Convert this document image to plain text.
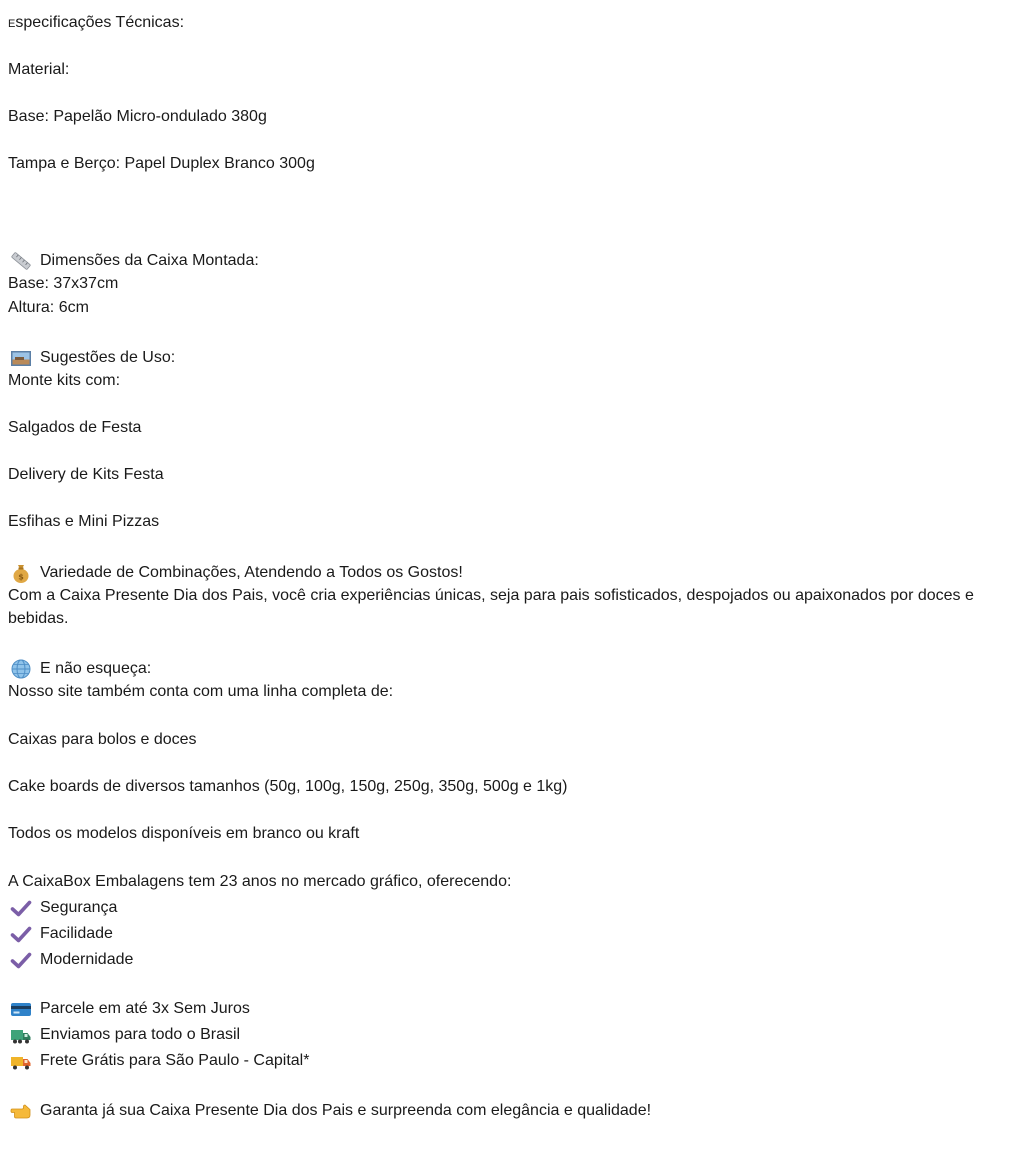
Especificações Técnicas:
Material:
Base: Papelão Micro-ondulado 380g
Tampa e Berço: Papel Duplex Branco 300g
Dimensões da Caixa Montada:
Base: 37x37cm
Altura: 6cm
Sugestões de Uso:
Monte kits com:
Salgados de Festa
Delivery de Kits Festa
Esfihas e Mini Pizzas
$ Variedade de Combinações, Atendendo a Todos os Gostos!
Com a Caixa Presente Dia dos Pais, você cria experiências únicas, seja para pais sofisticados, despojados ou apaixonados por doces e bebidas.
E não esqueça:
Nosso site também conta com uma linha completa de:
Caixas para bolos e doces
Cake boards de diversos tamanhos (50g, 100g, 150g, 250g, 350g, 500g e 1kg)
Todos os modelos disponíveis em branco ou kraft
A CaixaBox Embalagens tem 23 anos no mercado gráfico, oferecendo:
Segurança
Facilidade
Modernidade
Parcele em até 3x Sem Juros
Enviamos para todo o Brasil
Frete Grátis para São Paulo - Capital*
Garanta já sua Caixa Presente Dia dos Pais e surpreenda com elegância e qualidade!
